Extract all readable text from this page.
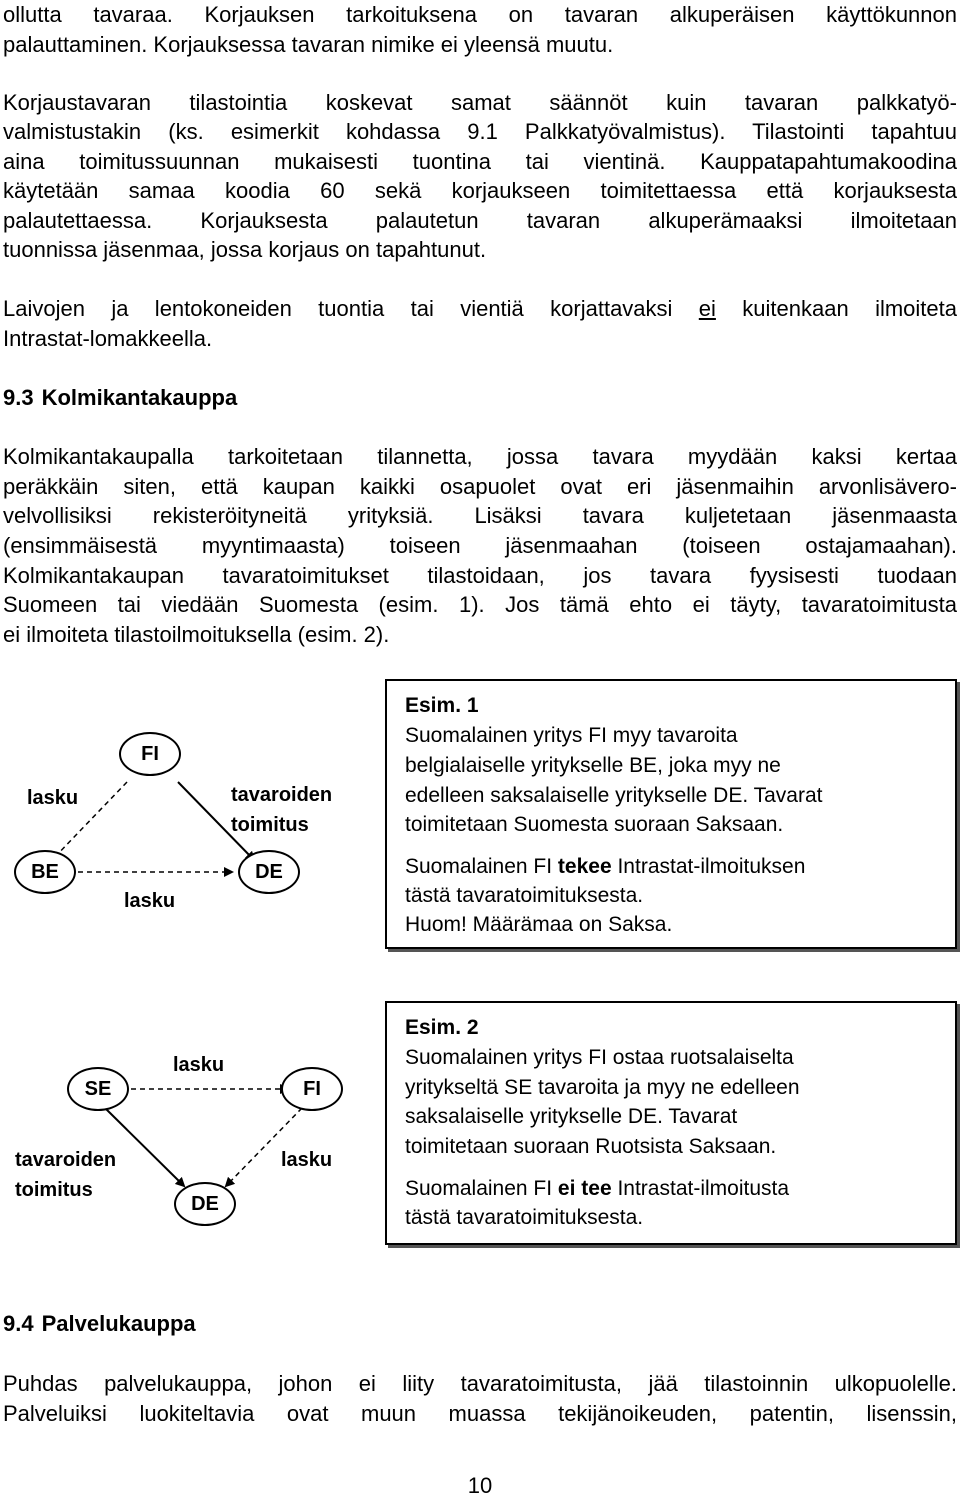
ollutta tavaraa. Korjauksen tarkoituksena on tavaran alkuperäisen käyttökunnon

palauttaminen. Korjauksessa tavaran nimike ei yleensä muutu.

Korjaustavaran tilastointia koskevat samat säännöt kuin tavaran palkkatyö-

valmistustakin (ks. esimerkit kohdassa 9.1 Palkkatyövalmistus). Tilastointi tapahtuu

aina toimitussuunnan mukaisesti tuontina tai vientinä. Kauppatapahtumakoodina

käytetään samaa koodia 60 sekä korjaukseen toimitettaessa että korjauksesta

palautettaessa. Korjauksesta palautetun tavaran alkuperämaaksi ilmoitetaan

tuonnissa jäsenmaa, jossa korjaus on tapahtunut.

Laivojen ja lentokoneiden tuontia tai vientiä korjattavaksi ei kuitenkaan ilmoiteta

Intrastat-lomakkeella.

9.3 Kolmikantakauppa

Kolmikantakaupalla tarkoitetaan tilannetta, jossa tavara myydään kaksi kertaa

peräkkäin siten, että kaupan kaikki osapuolet ovat eri jäsenmaihin arvonlisävero-

velvollisiksi rekisteröityneitä yrityksiä. Lisäksi tavara kuljetetaan jäsenmaasta

(ensimmäisestä myyntimaasta) toiseen jäsenmaahan (toiseen ostajamaahan).

Kolmikantakaupan tavaratoimitukset tilastoidaan, jos tavara fyysisesti tuodaan

Suomeen tai viedään Suomesta (esim. 1). Jos tämä ehto ei täyty, tavaratoimitusta

ei ilmoiteta tilastoilmoituksella (esim. 2).

FI
BE	DE
lasku	tavaroiden
toimitus
lasku

Esim. 1

Suomalainen yritys FI myy tavaroita

belgialaiselle yritykselle BE, joka myy ne

edelleen saksalaiselle yritykselle DE. Tavarat

toimitetaan Suomesta suoraan Saksaan.

Suomalainen FI tekee Intrastat-ilmoituksen

tästä tavaratoimituksesta.

Huom! Määrämaa on Saksa.

SE	FI
DE
lasku
tavaroiden
toimitus
lasku

Esim. 2

Suomalainen yritys FI ostaa ruotsalaiselta

yritykseltä SE tavaroita ja myy ne edelleen

saksalaiselle yritykselle DE. Tavarat

toimitetaan suoraan Ruotsista Saksaan.

Suomalainen FI ei tee Intrastat-ilmoitusta

tästä tavaratoimituksesta.

9.4 Palvelukauppa

Puhdas palvelukauppa, johon ei liity tavaratoimitusta, jää tilastoinnin ulkopuolelle.

Palveluiksi luokiteltavia ovat muun muassa tekijänoikeuden, patentin, lisenssin,

10
